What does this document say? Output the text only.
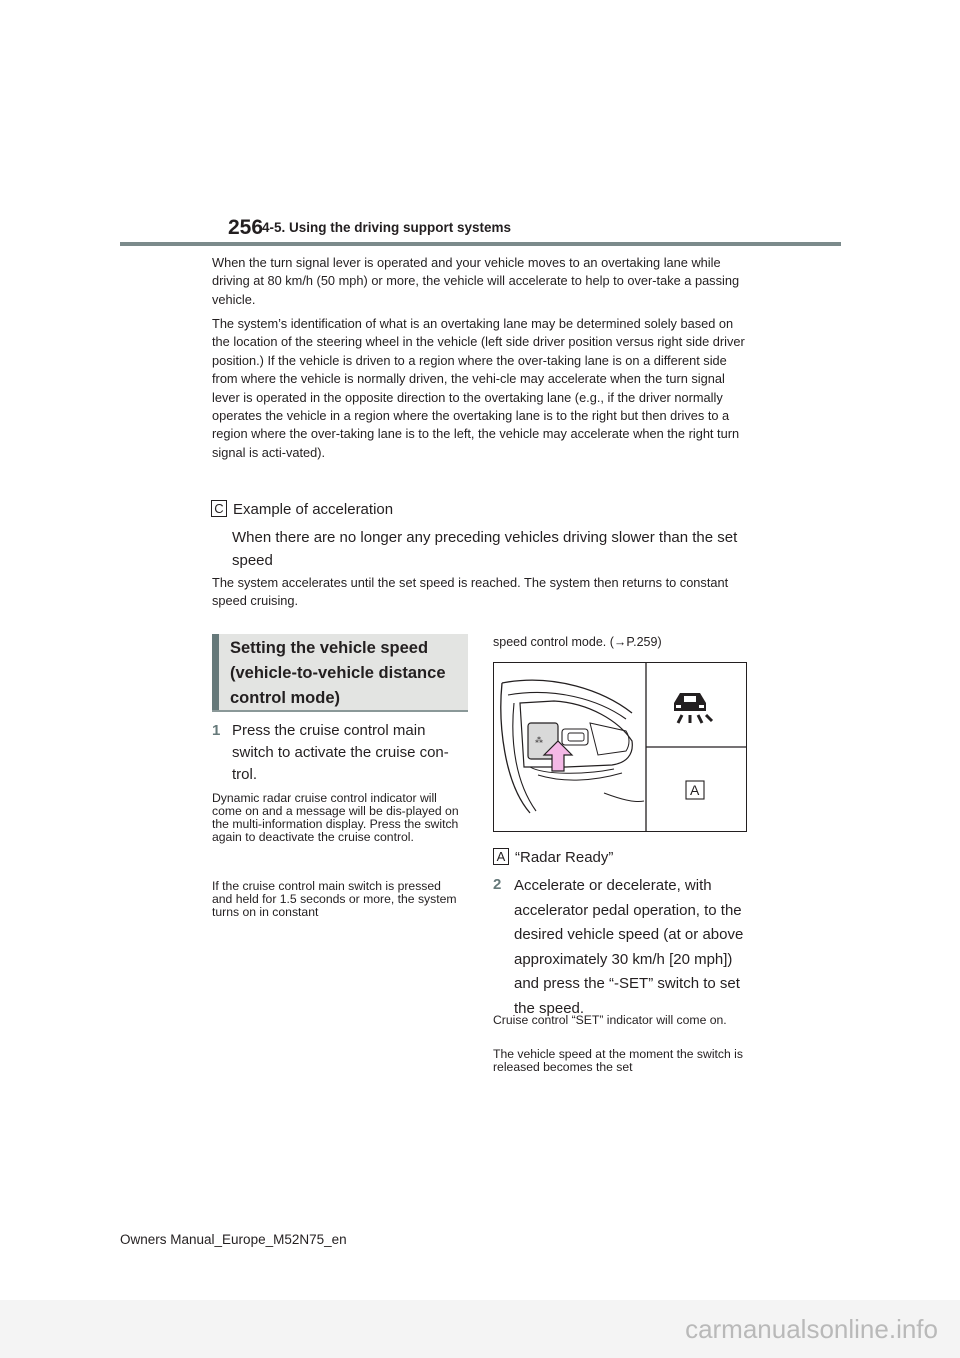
256
4-5. Using the driving support systems

When the turn signal lever is operated and your vehicle moves to an overtaking lane while driving at 80 km/h (50 mph) or more, the vehicle will accelerate to help to over-take a passing vehicle.

The system’s identification of what is an overtaking lane may be determined solely based on the location of the steering wheel in the vehicle (left side driver position versus right side driver position.) If the vehicle is driven to a region where the over-taking lane is on a different side from where the vehicle is normally driven, the vehi-cle may accelerate when the turn signal lever is operated in the opposite direction to the overtaking lane (e.g., if the driver normally operates the vehicle in a region where the overtaking lane is to the right but then drives to a region where the over-taking lane is to the left, the vehicle may accelerate when the right turn signal is acti-vated).

C Example of acceleration

When there are no longer any preceding vehicles driving slower than the set speed

The system accelerates until the set speed is reached. The system then returns to constant speed cruising.

Setting the vehicle speed (vehicle-to-vehicle distance control mode)
1 Press the cruise control main switch to activate the cruise con-trol.

Dynamic radar cruise control indicator will come on and a message will be dis-played on the multi-information display. Press the switch again to deactivate the cruise control.

If the cruise control main switch is pressed and held for 1.5 seconds or more, the system turns on in constant

speed control mode. (→P.259)
⁂
A
A “Radar Ready”
2 Accelerate or decelerate, with accelerator pedal operation, to the desired vehicle speed (at or above approximately 30 km/h [20 mph]) and press the “-SET” switch to set the speed.

Cruise control “SET” indicator will come on.

The vehicle speed at the moment the switch is released becomes the set

Owners Manual_Europe_M52N75_en
carmanualsonline.info
